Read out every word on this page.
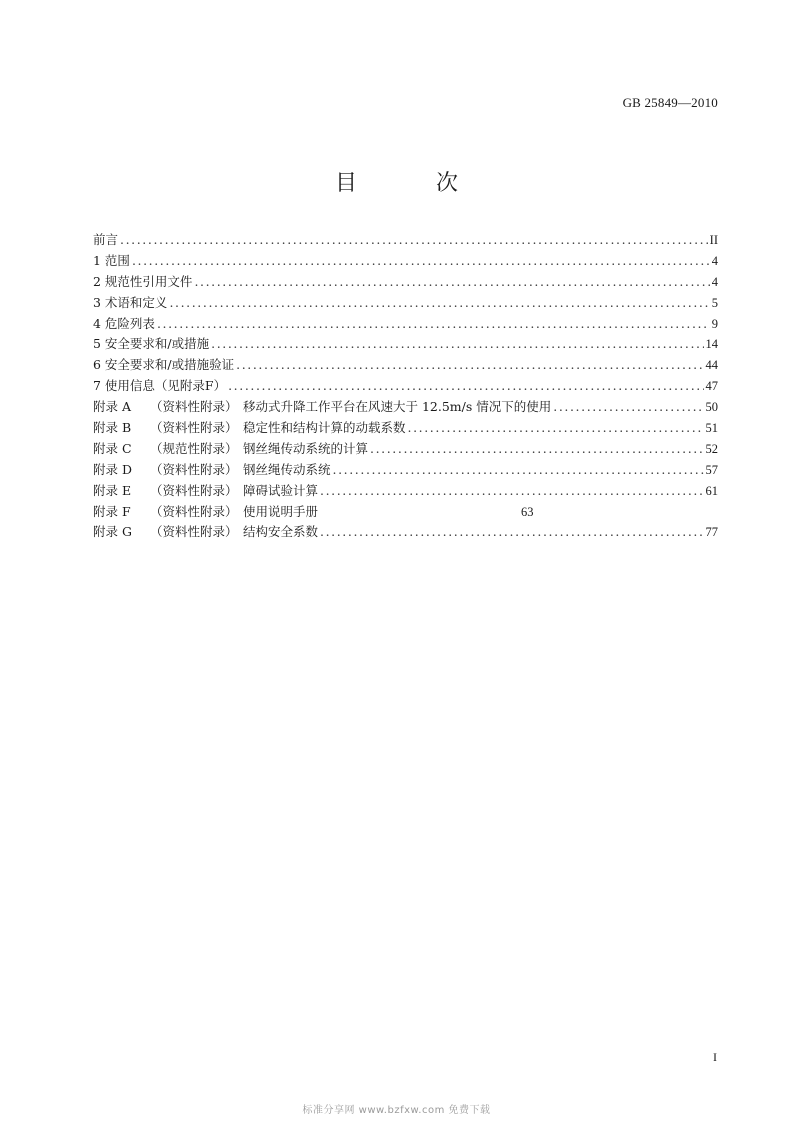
GB 25849—2010
目 次
前言 .....	II
1 范围 .....	4
2 规范性引用文件 .....	4
3 术语和定义 .....	5
4 危险列表 .....	9
5 安全要求和/或措施 .....	14
6 安全要求和/或措施验证 .....	44
7 使用信息（见附录F） .....	47
附录 A （资料性附录） 移动式升降工作平台在风速大于 12.5m/s 情况下的使用 .....	50
附录 B （资料性附录） 稳定性和结构计算的动载系数 .....	51
附录 C （规范性附录） 钢丝绳传动系统的计算 .....	52
附录 D （资料性附录） 钢丝绳传动系统 .....	57
附录 E （资料性附录） 障碍试验计算 .....	61
附录 F （资料性附录） 使用说明手册	63
附录 G （资料性附录） 结构安全系数 .....	77
I
标准分享网 www.bzfxw.com 免费下载
